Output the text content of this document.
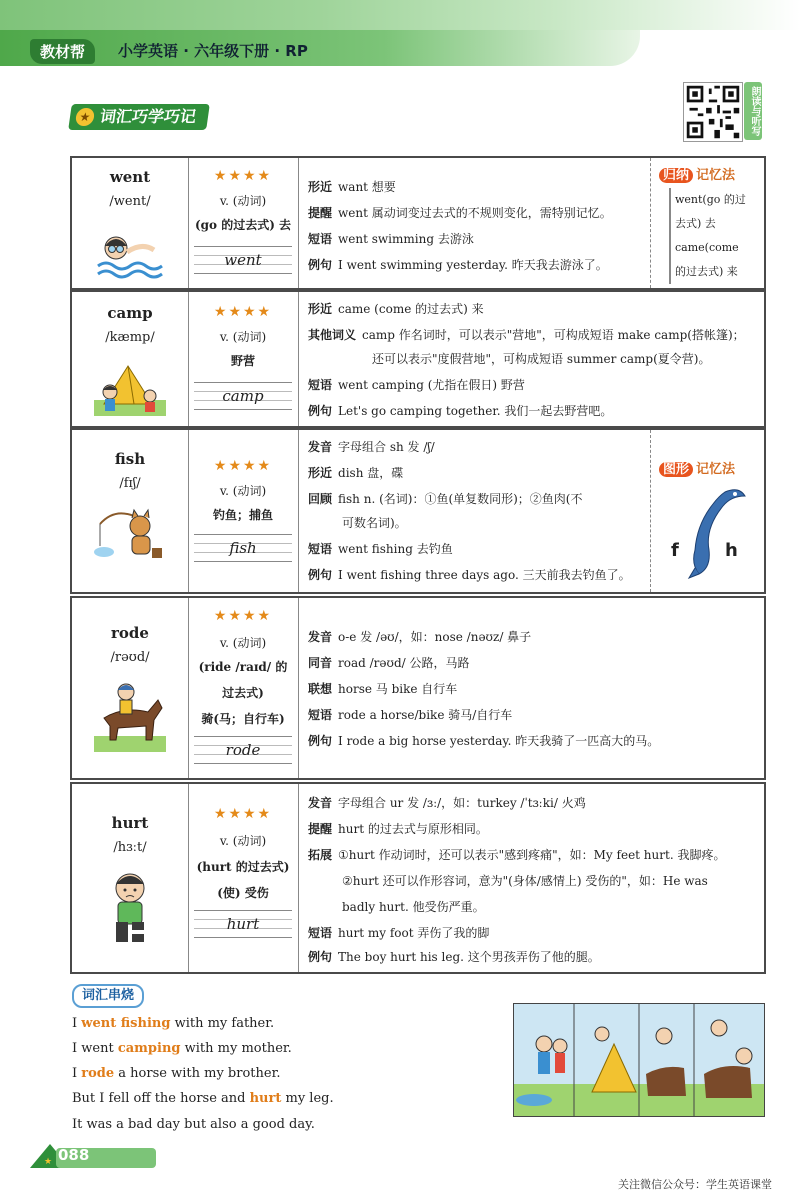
教材帮	小学英语 · 六年级下册 · RP
朗读与听写
★ 词汇巧学巧记
went
/went/
★★★★
v. (动词)
(go 的过去式) 去
went
形近 want 想要
提醒 went 属动词变过去式的不规则变化，需特别记忆。
短语 went swimming 去游泳
例句 I went swimming yesterday. 昨天我去游泳了。
归纳 记忆法
went(go 的过
去式) 去
came(come
的过去式) 来
camp
/kæmp/
★★★★
v. (动词)
野营
camp
形近 came (come 的过去式) 来
其他词义 camp 作名词时，可以表示"营地"，可构成短语 make camp(搭帐篷)；
还可以表示"度假营地"，可构成短语 summer camp(夏令营)。
短语 went camping (尤指在假日) 野营
例句 Let's go camping together. 我们一起去野营吧。
fish
/fɪʃ/
★★★★
v. (动词)
钓鱼；捕鱼
fish
发音 字母组合 sh 发 /ʃ/
形近 dish 盘，碟
回顾 fish n. (名词)：①鱼(单复数同形)；②鱼肉(不
可数名词)。
短语 went fishing 去钓鱼
例句 I went fishing three days ago. 三天前我去钓鱼了。
图形 记忆法
f	h
rode
/rəʊd/
★★★★
v. (动词)
(ride /raɪd/ 的
过去式)
骑(马；自行车)
rode
发音 o-e 发 /əʊ/，如：nose /nəʊz/ 鼻子
同音 road /rəʊd/ 公路，马路
联想 horse 马 bike 自行车
短语 rode a horse/bike 骑马/自行车
例句 I rode a big horse yesterday. 昨天我骑了一匹高大的马。
hurt
/hɜːt/
★★★★
v. (动词)
(hurt 的过去式)
(使) 受伤
hurt
发音 字母组合 ur 发 /ɜː/，如：turkey /ˈtɜːki/ 火鸡
提醒 hurt 的过去式与原形相同。
拓展 ①hurt 作动词时，还可以表示"感到疼痛"，如：My feet hurt. 我脚疼。
②hurt 还可以作形容词，意为"(身体/感情上) 受伤的"，如：He was
badly hurt. 他受伤严重。
短语 hurt my foot 弄伤了我的脚
例句 The boy hurt his leg. 这个男孩弄伤了他的腿。
词汇串烧
I went fishing with my father.
I went camping with my mother.
I rode a horse with my brother.
But I fell off the horse and hurt my leg.
It was a bad day but also a good day.
★ 088
关注微信公众号：学生英语课堂
